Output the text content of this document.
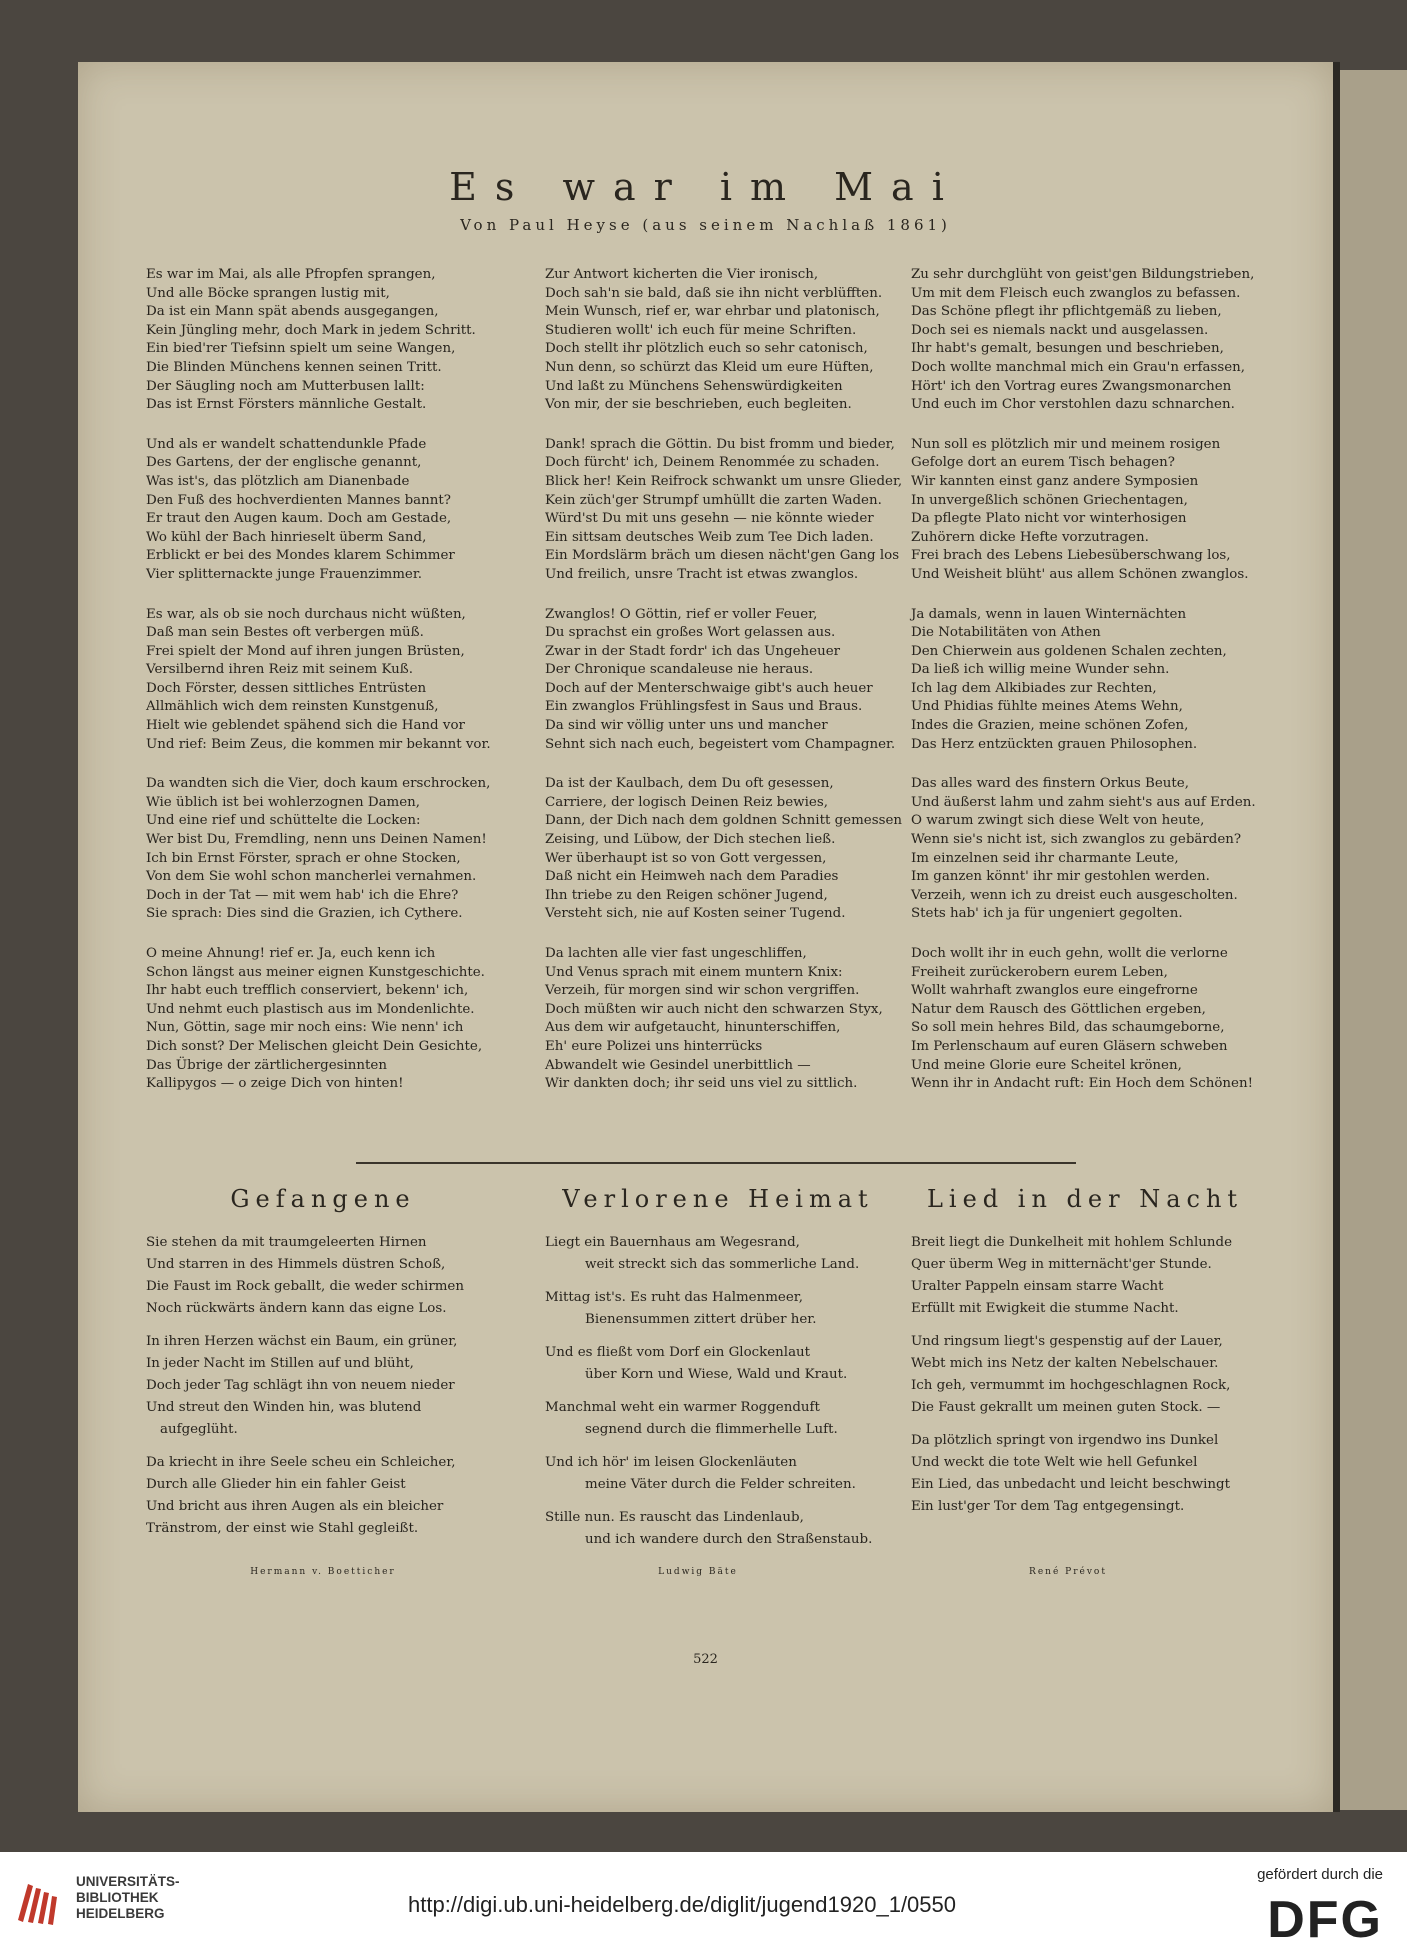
Es war im Mai
Von Paul Heyse (aus seinem Nachlaß 1861)
Es war im Mai, als alle Pfropfen sprangen,
Und alle Böcke sprangen lustig mit,
Da ist ein Mann spät abends ausgegangen,
Kein Jüngling mehr, doch Mark in jedem Schritt.
Ein bied'rer Tiefsinn spielt um seine Wangen,
Die Blinden Münchens kennen seinen Tritt.
Der Säugling noch am Mutterbusen lallt:
Das ist Ernst Försters männliche Gestalt.
Und als er wandelt schattendunkle Pfade
Des Gartens, der der englische genannt,
Was ist's, das plötzlich am Dianenbade
Den Fuß des hochverdienten Mannes bannt?
Er traut den Augen kaum. Doch am Gestade,
Wo kühl der Bach hinrieselt überm Sand,
Erblickt er bei des Mondes klarem Schimmer
Vier splitternackte junge Frauenzimmer.
Es war, als ob sie noch durchaus nicht wüßten,
Daß man sein Bestes oft verbergen müß.
Frei spielt der Mond auf ihren jungen Brüsten,
Versilbernd ihren Reiz mit seinem Kuß.
Doch Förster, dessen sittliches Entrüsten
Allmählich wich dem reinsten Kunstgenuß,
Hielt wie geblendet spähend sich die Hand vor
Und rief: Beim Zeus, die kommen mir bekannt vor.
Da wandten sich die Vier, doch kaum erschrocken,
Wie üblich ist bei wohlerzognen Damen,
Und eine rief und schüttelte die Locken:
Wer bist Du, Fremdling, nenn uns Deinen Namen!
Ich bin Ernst Förster, sprach er ohne Stocken,
Von dem Sie wohl schon mancherlei vernahmen.
Doch in der Tat — mit wem hab' ich die Ehre?
Sie sprach: Dies sind die Grazien, ich Cythere.
O meine Ahnung! rief er. Ja, euch kenn ich
Schon längst aus meiner eignen Kunstgeschichte.
Ihr habt euch trefflich conserviert, bekenn' ich,
Und nehmt euch plastisch aus im Mondenlichte.
Nun, Göttin, sage mir noch eins: Wie nenn' ich
Dich sonst? Der Melischen gleicht Dein Gesichte,
Das Übrige der zärtlichergesinnten
Kallipygos — o zeige Dich von hinten!
Zur Antwort kicherten die Vier ironisch,
Doch sah'n sie bald, daß sie ihn nicht verblüfften.
Mein Wunsch, rief er, war ehrbar und platonisch,
Studieren wollt' ich euch für meine Schriften.
Doch stellt ihr plötzlich euch so sehr catonisch,
Nun denn, so schürzt das Kleid um eure Hüften,
Und laßt zu Münchens Sehenswürdigkeiten
Von mir, der sie beschrieben, euch begleiten.
Dank! sprach die Göttin. Du bist fromm und bieder,
Doch fürcht' ich, Deinem Renommée zu schaden.
Blick her! Kein Reifrock schwankt um unsre Glieder,
Kein züch'ger Strumpf umhüllt die zarten Waden.
Würd'st Du mit uns gesehn — nie könnte wieder
Ein sittsam deutsches Weib zum Tee Dich laden.
Ein Mordslärm bräch um diesen nächt'gen Gang los
Und freilich, unsre Tracht ist etwas zwanglos.
Zwanglos! O Göttin, rief er voller Feuer,
Du sprachst ein großes Wort gelassen aus.
Zwar in der Stadt fordr' ich das Ungeheuer
Der Chronique scandaleuse nie heraus.
Doch auf der Menterschwaige gibt's auch heuer
Ein zwanglos Frühlingsfest in Saus und Braus.
Da sind wir völlig unter uns und mancher
Sehnt sich nach euch, begeistert vom Champagner.
Da ist der Kaulbach, dem Du oft gesessen,
Carriere, der logisch Deinen Reiz bewies,
Dann, der Dich nach dem goldnen Schnitt gemessen
Zeising, und Lübow, der Dich stechen ließ.
Wer überhaupt ist so von Gott vergessen,
Daß nicht ein Heimweh nach dem Paradies
Ihn triebe zu den Reigen schöner Jugend,
Versteht sich, nie auf Kosten seiner Tugend.
Da lachten alle vier fast ungeschliffen,
Und Venus sprach mit einem muntern Knix:
Verzeih, für morgen sind wir schon vergriffen.
Doch müßten wir auch nicht den schwarzen Styx,
Aus dem wir aufgetaucht, hinunterschiffen,
Eh' eure Polizei uns hinterrücks
Abwandelt wie Gesindel unerbittlich —
Wir dankten doch; ihr seid uns viel zu sittlich.
Zu sehr durchglüht von geist'gen Bildungstrieben,
Um mit dem Fleisch euch zwanglos zu befassen.
Das Schöne pflegt ihr pflichtgemäß zu lieben,
Doch sei es niemals nackt und ausgelassen.
Ihr habt's gemalt, besungen und beschrieben,
Doch wollte manchmal mich ein Grau'n erfassen,
Hört' ich den Vortrag eures Zwangsmonarchen
Und euch im Chor verstohlen dazu schnarchen.
Nun soll es plötzlich mir und meinem rosigen
Gefolge dort an eurem Tisch behagen?
Wir kannten einst ganz andere Symposien
In unvergeßlich schönen Griechentagen,
Da pflegte Plato nicht vor winterhosigen
Zuhörern dicke Hefte vorzutragen.
Frei brach des Lebens Liebesüberschwang los,
Und Weisheit blüht' aus allem Schönen zwanglos.
Ja damals, wenn in lauen Winternächten
Die Notabilitäten von Athen
Den Chierwein aus goldenen Schalen zechten,
Da ließ ich willig meine Wunder sehn.
Ich lag dem Alkibiades zur Rechten,
Und Phidias fühlte meines Atems Wehn,
Indes die Grazien, meine schönen Zofen,
Das Herz entzückten grauen Philosophen.
Das alles ward des finstern Orkus Beute,
Und äußerst lahm und zahm sieht's aus auf Erden.
O warum zwingt sich diese Welt von heute,
Wenn sie's nicht ist, sich zwanglos zu gebärden?
Im einzelnen seid ihr charmante Leute,
Im ganzen könnt' ihr mir gestohlen werden.
Verzeih, wenn ich zu dreist euch ausgescholten.
Stets hab' ich ja für ungeniert gegolten.
Doch wollt ihr in euch gehn, wollt die verlorne
Freiheit zurückerobern eurem Leben,
Wollt wahrhaft zwanglos eure eingefrorne
Natur dem Rausch des Göttlichen ergeben,
So soll mein hehres Bild, das schaumgeborne,
Im Perlenschaum auf euren Gläsern schweben
Und meine Glorie eure Scheitel krönen,
Wenn ihr in Andacht ruft: Ein Hoch dem Schönen!
Gefangene	Verlorene Heimat	Lied in der Nacht
Sie stehen da mit traumgeleerten Hirnen
Und starren in des Himmels düstren Schoß,
Die Faust im Rock geballt, die weder schirmen
Noch rückwärts ändern kann das eigne Los.
In ihren Herzen wächst ein Baum, ein grüner,
In jeder Nacht im Stillen auf und blüht,
Doch jeder Tag schlägt ihn von neuem nieder
Und streut den Winden hin, was blutend
aufgeglüht.
Da kriecht in ihre Seele scheu ein Schleicher,
Durch alle Glieder hin ein fahler Geist
Und bricht aus ihren Augen als ein bleicher
Tränstrom, der einst wie Stahl gegleißt.
Liegt ein Bauernhaus am Wegesrand,
weit streckt sich das sommerliche Land.
Mittag ist's. Es ruht das Halmenmeer,
Bienensummen zittert drüber her.
Und es fließt vom Dorf ein Glockenlaut
über Korn und Wiese, Wald und Kraut.
Manchmal weht ein warmer Roggenduft
segnend durch die flimmerhelle Luft.
Und ich hör' im leisen Glockenläuten
meine Väter durch die Felder schreiten.
Stille nun. Es rauscht das Lindenlaub,
und ich wandere durch den Straßenstaub.
Breit liegt die Dunkelheit mit hohlem Schlunde
Quer überm Weg in mitternächt'ger Stunde.
Uralter Pappeln einsam starre Wacht
Erfüllt mit Ewigkeit die stumme Nacht.
Und ringsum liegt's gespenstig auf der Lauer,
Webt mich ins Netz der kalten Nebelschauer.
Ich geh, vermummt im hochgeschlagnen Rock,
Die Faust gekrallt um meinen guten Stock. —
Da plötzlich springt von irgendwo ins Dunkel
Und weckt die tote Welt wie hell Gefunkel
Ein Lied, das unbedacht und leicht beschwingt
Ein lust'ger Tor dem Tag entgegensingt.
Hermann v. Boetticher	Ludwig Bäte	René Prévot
522
UNIVERSITÄTS-
BIBLIOTHEK
HEIDELBERG	http://digi.ub.uni-heidelberg.de/diglit/jugend1920_1/0550
gefördert durch die
DFG
